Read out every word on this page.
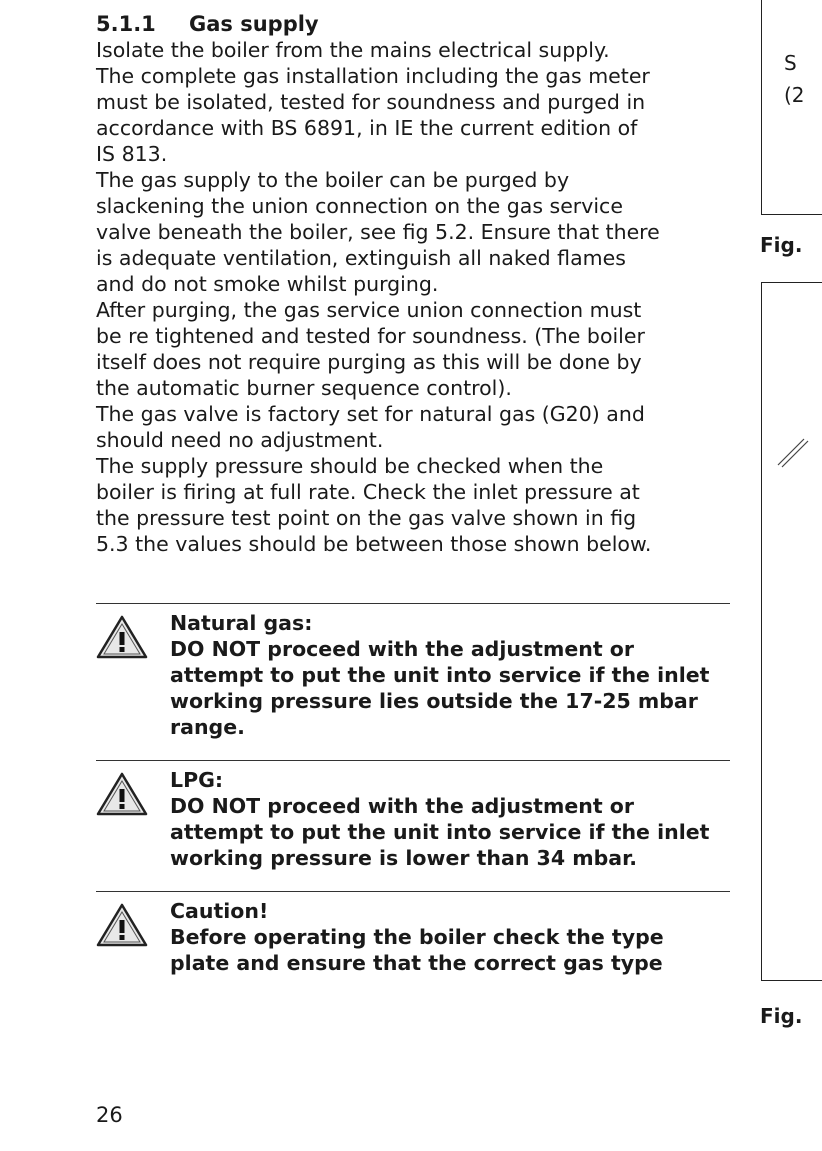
5.1.1 Gas supply

Isolate the boiler from the mains electrical supply.

The complete gas installation including the gas meter
must be isolated, tested for soundness and purged in
accordance with BS 6891, in IE the current edition of
IS 813.

The gas supply to the boiler can be purged by
slackening the union connection on the gas service
valve beneath the boiler, see fig 5.2. Ensure that there
is adequate ventilation, extinguish all naked flames
and do not smoke whilst purging.

After purging, the gas service union connection must
be re tightened and tested for soundness. (The boiler
itself does not require purging as this will be done by
the automatic burner sequence control).

The gas valve is factory set for natural gas (G20) and
should need no adjustment.

The supply pressure should be checked when the
boiler is firing at full rate. Check the inlet pressure at
the pressure test point on the gas valve shown in fig
5.3 the values should be between those shown below.

Natural gas:
DO NOT proceed with the adjustment or
attempt to put the unit into service if the inlet
working pressure lies outside the 17-25 mbar
range.
LPG:
DO NOT proceed with the adjustment or
attempt to put the unit into service if the inlet
working pressure is lower than 34 mbar.
Caution!
Before operating the boiler check the type
plate and ensure that the correct gas type
26
S
(2
Fig.
Fig.
